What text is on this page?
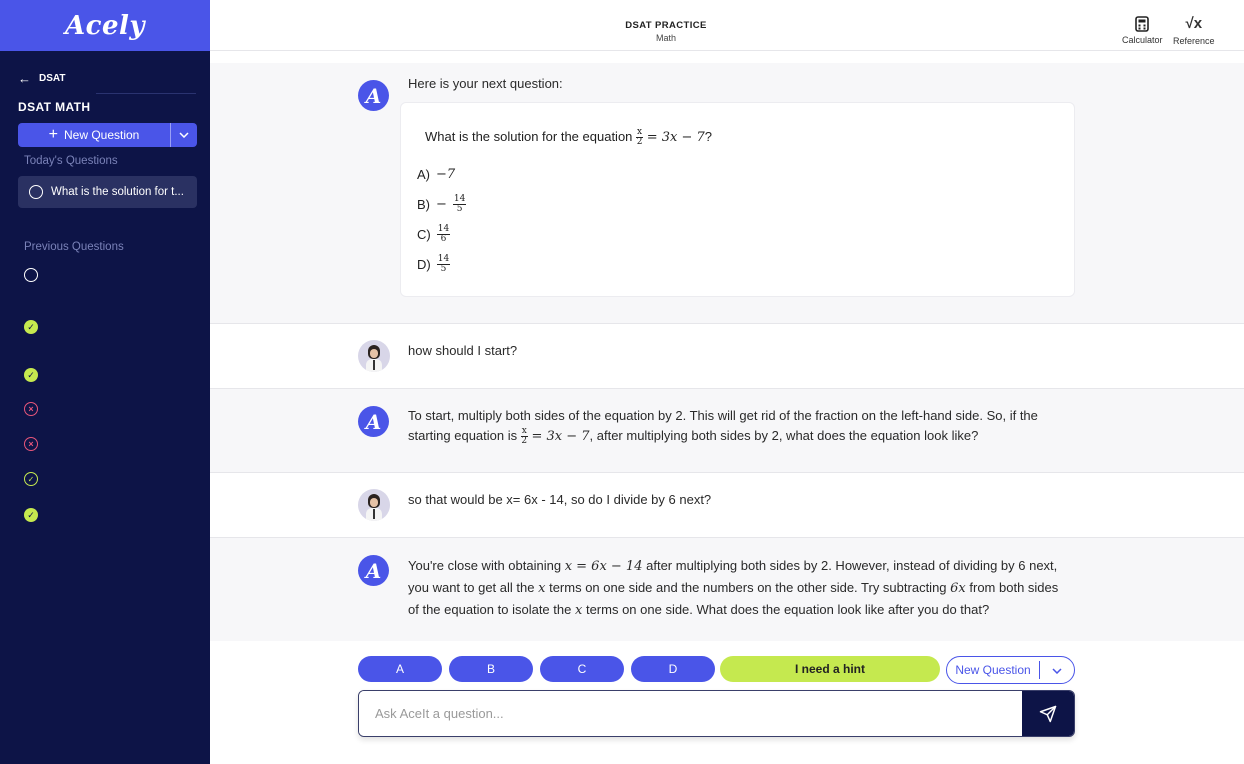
Acely
← DSAT
DSAT MATH
+ New Question
Today's Questions
What is the solution for t...
Previous Questions
✓
✓
×
×
✓
✓
DSAT PRACTICE
Math	Calculator
√x
Reference
A	Here is your next question:
What is the solution for the equation $\frac{x}{2} = 3x - 7$?
A) −7
$B) - \frac{14}{5}$
$C) \frac{14}{6}$
$D) \frac{14}{5}$
how should I start?
A	To start, multiply both sides of the equation by 2. This will get rid of the fraction on the left-hand side. So, if the starting equation is $\frac{x}{2} = 3x - 7$, after multiplying both sides by 2, what does the equation look like?
so that would be x= 6x - 14, so do I divide by 6 next?
A	You're close with obtaining x = 6x − 14 after multiplying both sides by 2. However, instead of dividing by 6 next, you want to get all the x terms on one side and the numbers on the other side. Try subtracting 6x from both sides of the equation to isolate the x terms on one side. What does the equation look like after you do that?
A	B	C	D	I need a hint	New Question
Ask AceIt a question...
